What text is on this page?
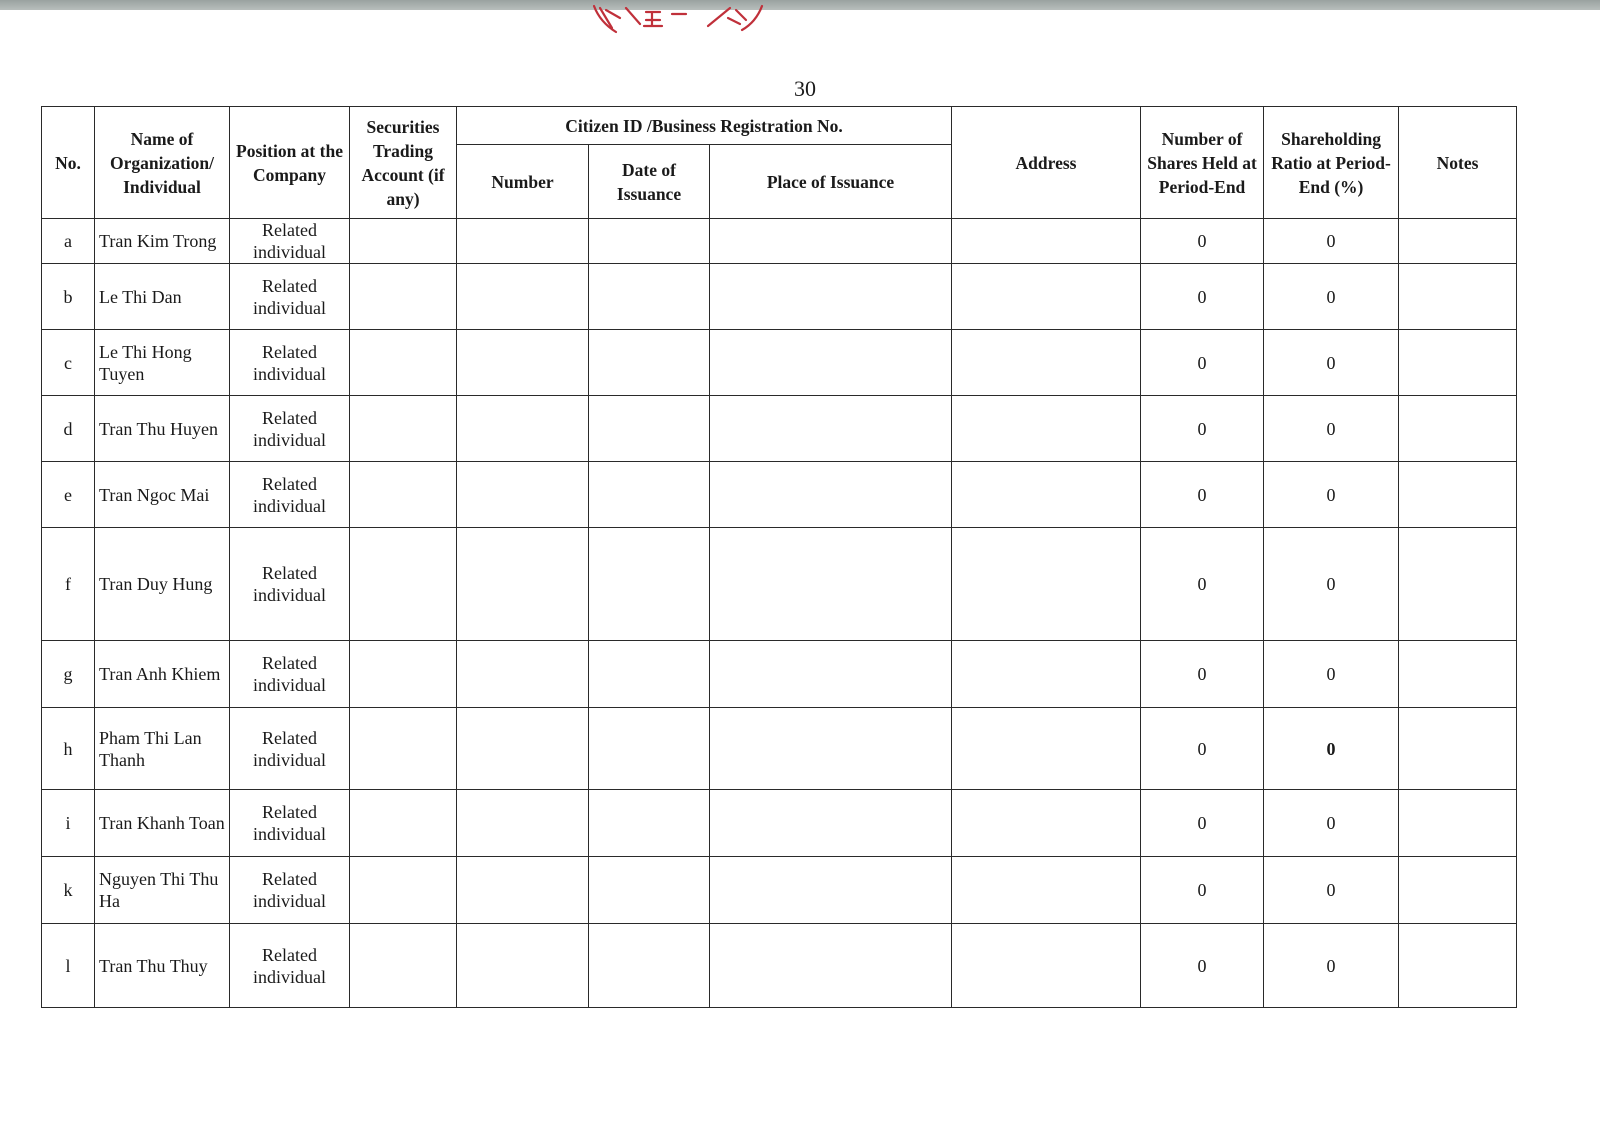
30
No.	Name of Organization/ Individual	Position at the Company	Securities Trading Account (if any)	Citizen ID /Business Registration No.			Address	Number of Shares Held at Period-End	Shareholding Ratio at Period-End (%)	Notes
				Number	Date of Issuance	Place of Issuance				
a	Tran Kim Trong	Related individual						0	0	
b	Le Thi Dan	Related individual						0	0	
c	Le Thi Hong Tuyen	Related individual						0	0	
d	Tran Thu Huyen	Related individual						0	0	
e	Tran Ngoc Mai	Related individual						0	0	
f	Tran Duy Hung	Related individual						0	0	
g	Tran Anh Khiem	Related individual						0	0	
h	Pham Thi Lan Thanh	Related individual						0	0	
i	Tran Khanh Toan	Related individual						0	0	
k	Nguyen Thi Thu Ha	Related individual						0	0	
l	Tran Thu Thuy	Related individual						0	0	
